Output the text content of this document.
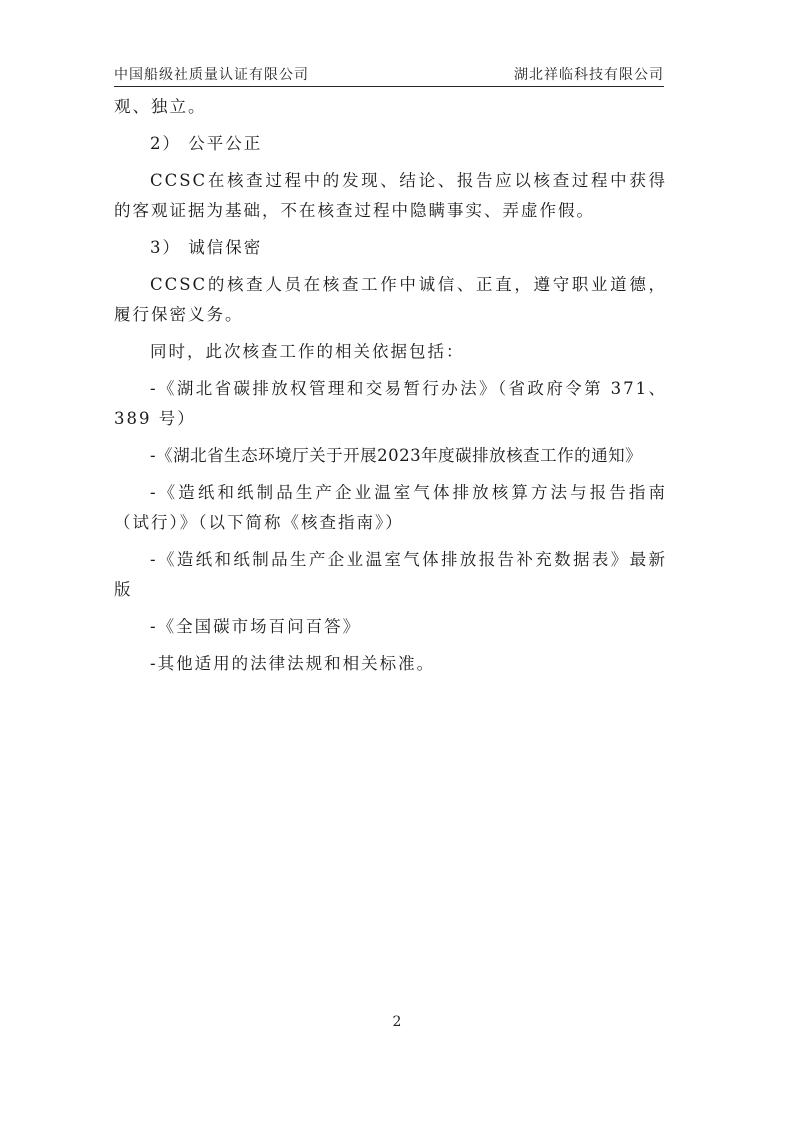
中国船级社质量认证有限公司	湖北祥临科技有限公司

观、独立。

2） 公平公正

CCSC在核查过程中的发现、结论、报告应以核查过程中获得的客观证据为基础，不在核查过程中隐瞒事实、弄虚作假。

3） 诚信保密

CCSC的核查人员在核查工作中诚信、正直，遵守职业道德，履行保密义务。

同时，此次核查工作的相关依据包括：

-《湖北省碳排放权管理和交易暂行办法》（省政府令第 371、389 号）

-《湖北省生态环境厅关于开展2023年度碳排放核查工作的通知》

-《造纸和纸制品生产企业温室气体排放核算方法与报告指南（试行）》（以下简称《核查指南》）

-《造纸和纸制品生产企业温室气体排放报告补充数据表》最新版

-《全国碳市场百问百答》

-其他适用的法律法规和相关标准。

2
